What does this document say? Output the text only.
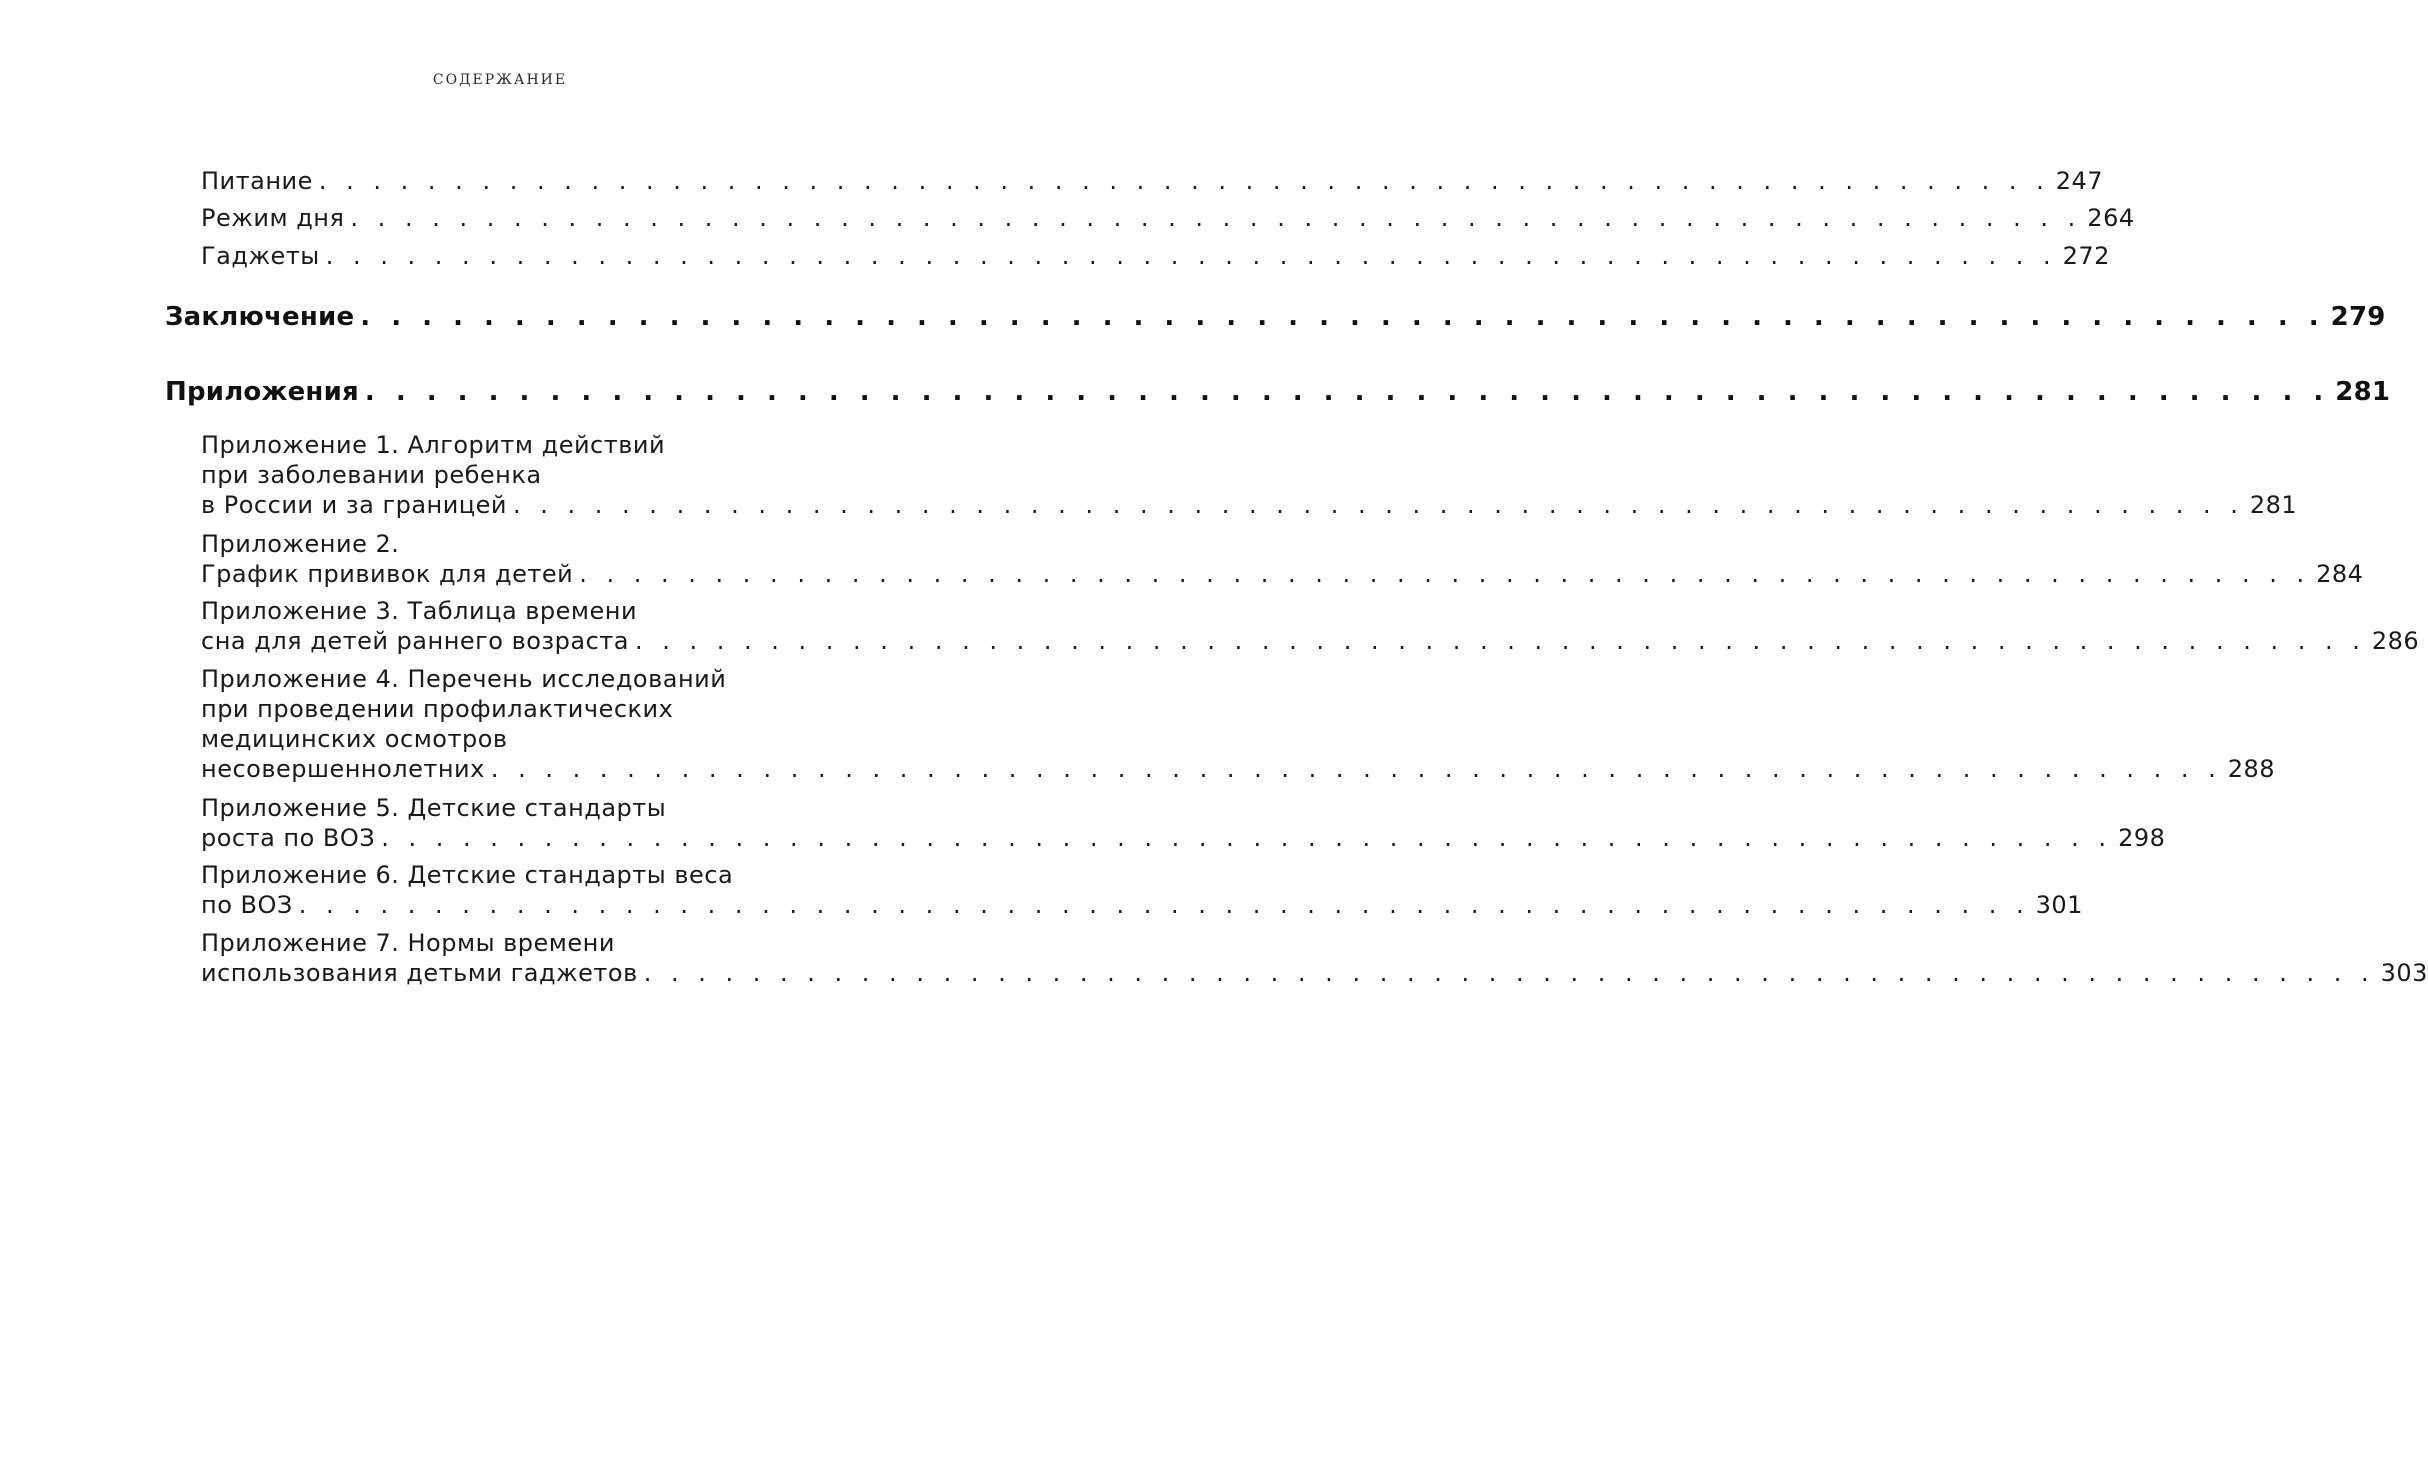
СОДЕРЖАНИЕ
Питание . . . . . . . . . . . . . . . . . . . . . . . . . . . . . . . . . . . . . . . . . . . . . . . . . . . . . . . . . . . . . . . . 247
Режим дня . . . . . . . . . . . . . . . . . . . . . . . . . . . . . . . . . . . . . . . . . . . . . . . . . . . . . . . . . . . . . . . . 264
Гаджеты . . . . . . . . . . . . . . . . . . . . . . . . . . . . . . . . . . . . . . . . . . . . . . . . . . . . . . . . . . . . . . . . 272
Заключение . . . . . . . . . . . . . . . . . . . . . . . . . . . . . . . . . . . . . . . . . . . . . . . . . . . . . . . . . . . . . . . . 279
Приложения . . . . . . . . . . . . . . . . . . . . . . . . . . . . . . . . . . . . . . . . . . . . . . . . . . . . . . . . . . . . . . . . 281
Приложение 1. Алгоритм действий
при заболевании ребенка
в России и за границей . . . . . . . . . . . . . . . . . . . . . . . . . . . . . . . . . . . . . . . . . . . . . . . . . . . . . . . . . . . . . . . . 281
Приложение 2.
График прививок для детей . . . . . . . . . . . . . . . . . . . . . . . . . . . . . . . . . . . . . . . . . . . . . . . . . . . . . . . . . . . . . . . . 284
Приложение 3. Таблица времени
сна для детей раннего возраста . . . . . . . . . . . . . . . . . . . . . . . . . . . . . . . . . . . . . . . . . . . . . . . . . . . . . . . . . . . . . . . . 286
Приложение 4. Перечень исследований
при проведении профилактических
медицинских осмотров
несовершеннолетних . . . . . . . . . . . . . . . . . . . . . . . . . . . . . . . . . . . . . . . . . . . . . . . . . . . . . . . . . . . . . . . . 288
Приложение 5. Детские стандарты
роста по ВОЗ . . . . . . . . . . . . . . . . . . . . . . . . . . . . . . . . . . . . . . . . . . . . . . . . . . . . . . . . . . . . . . . . 298
Приложение 6. Детские стандарты веса
по ВОЗ . . . . . . . . . . . . . . . . . . . . . . . . . . . . . . . . . . . . . . . . . . . . . . . . . . . . . . . . . . . . . . . . 301
Приложение 7. Нормы времени
использования детьми гаджетов . . . . . . . . . . . . . . . . . . . . . . . . . . . . . . . . . . . . . . . . . . . . . . . . . . . . . . . . . . . . . . . . 303
